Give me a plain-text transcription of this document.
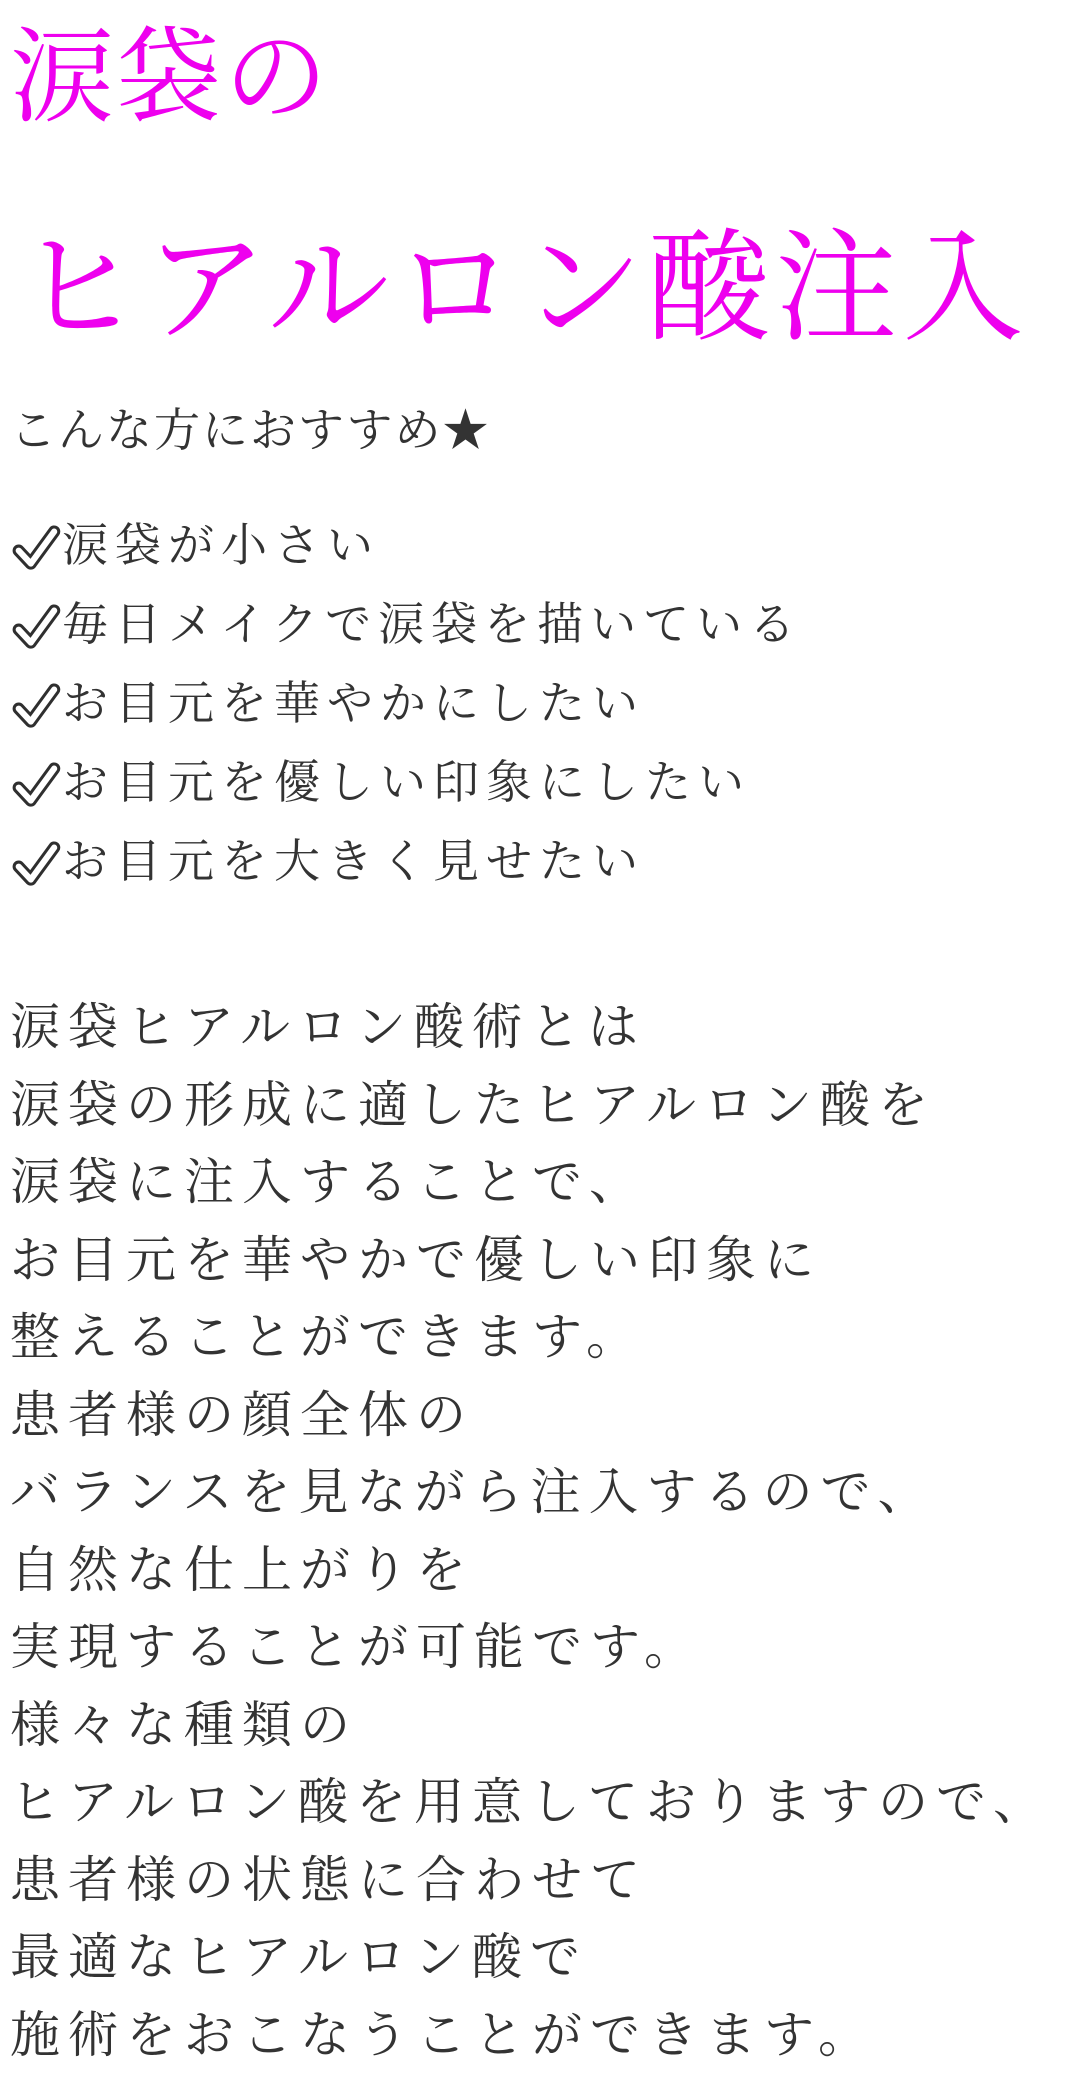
涙袋の
ヒアルロン酸注入

こんな方におすすめ★

涙袋が小さい
毎日メイクで涙袋を描いている
お目元を華やかにしたい
お目元を優しい印象にしたい
お目元を大きく見せたい
涙袋ヒアルロン酸術とは
涙袋の形成に適したヒアルロン酸を
涙袋に注入することで、
お目元を華やかで優しい印象に
整えることができます。
患者様の顔全体の
バランスを見ながら注入するので、
自然な仕上がりを
実現することが可能です。
様々な種類の
ヒアルロン酸を用意しておりますので、
患者様の状態に合わせて
最適なヒアルロン酸で
施術をおこなうことができます。
